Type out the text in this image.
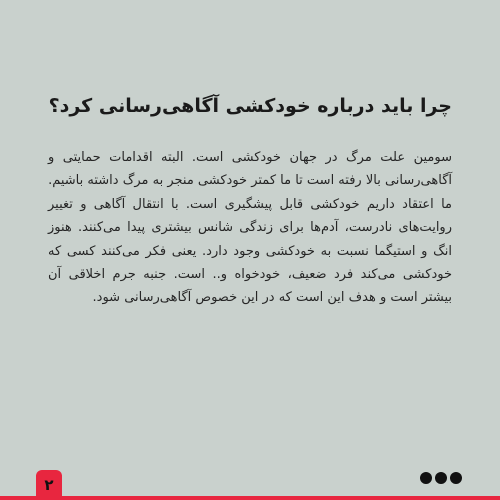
چرا باید درباره خودکشی آگاهی‌رسانی کرد؟

سومین علت مرگ در جهان خودکشی است. البته اقدامات حمایتی و آگاهی‌رسانی بالا رفته است تا ما کمتر خودکشی منجر به مرگ داشته باشیم.

ما اعتقاد داریم خودکشی قابل پیشگیری است. با انتقال آگاهی و تغییر روایت‌های نادرست، آدم‌ها برای زندگی شانس بیشتری پیدا می‌کنند. هنوز انگ و استیگما نسبت به خودکشی وجود دارد. یعنی فکر می‌کنند کسی که خودکشی می‌کند فرد ضعیف، خودخواه و.. است. جنبه جرم اخلاقی آن بیشتر است و هدف این است که در این خصوص آگاهی‌رسانی شود.

۲
